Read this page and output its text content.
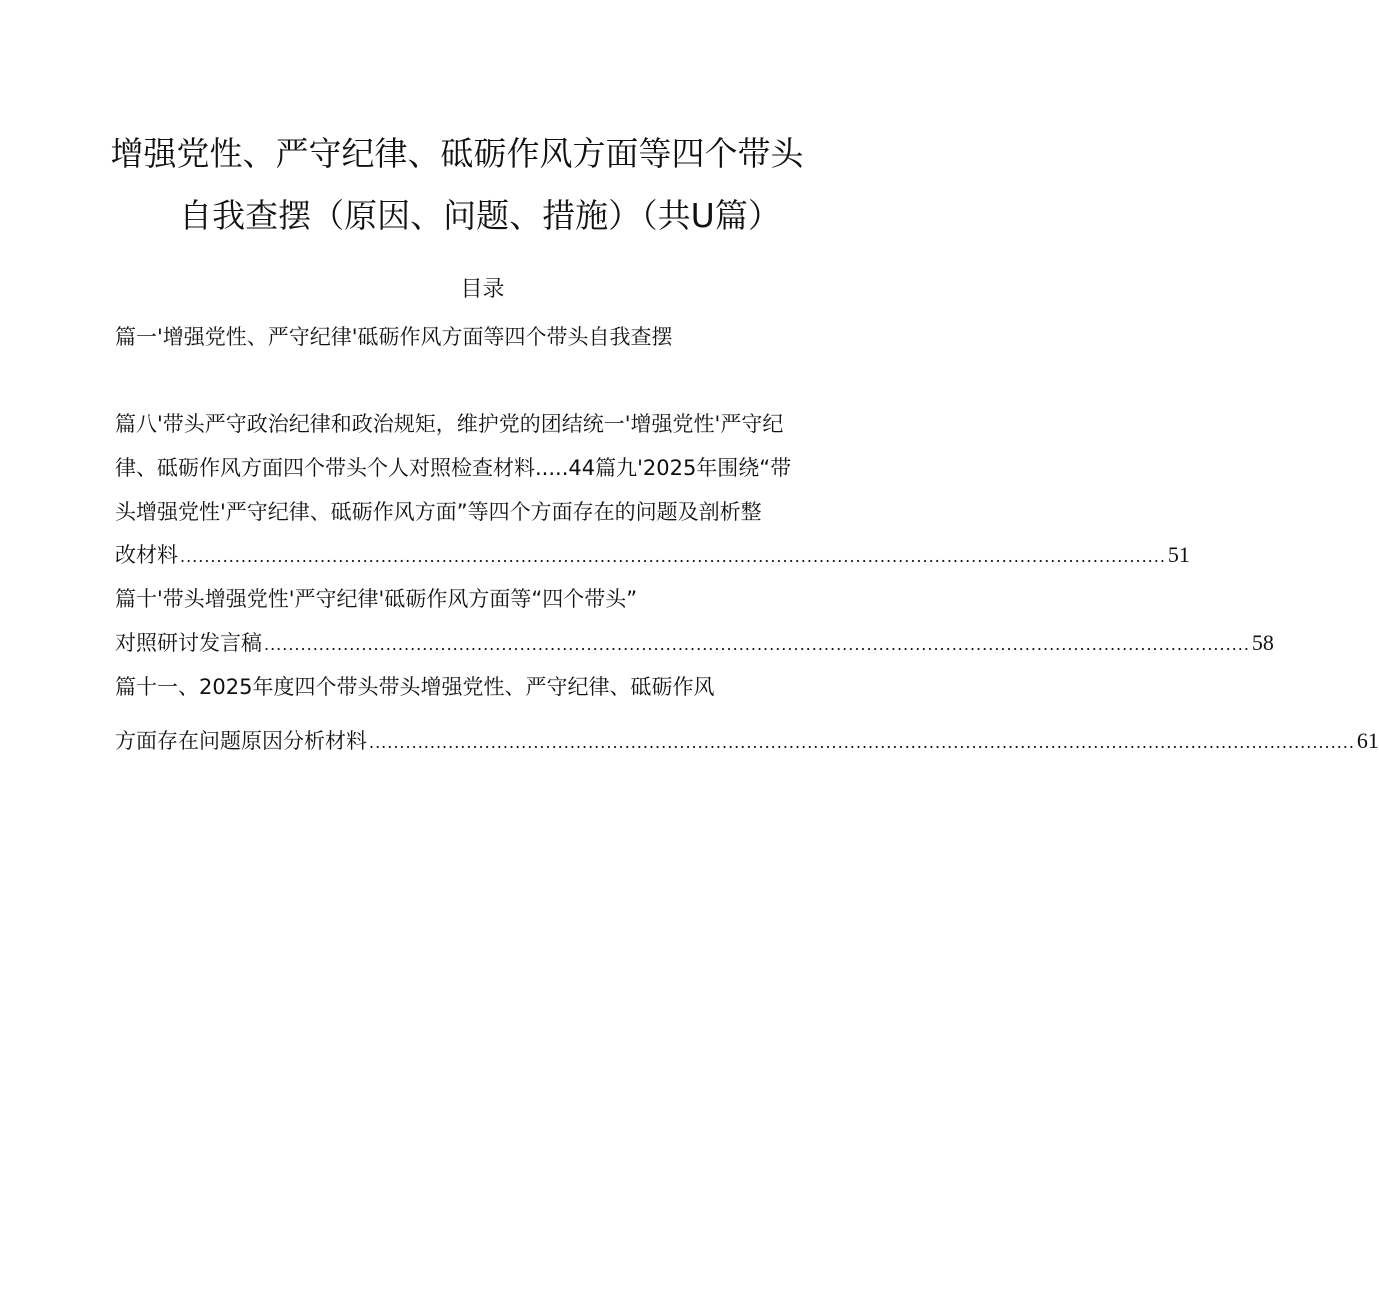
增强党性、严守纪律、砥砺作风方面等四个带头
自我查摆（原因、问题、措施）（共U篇）
目录
篇一'增强党性、严守纪律'砥砺作风方面等四个带头自我查摆
篇八'带头严守政治纪律和政治规矩，维护党的团结统一'增强党性'严守纪
律、砥砺作风方面四个带头个人对照检查材料.....44篇九'2025年围绕“带
头增强党性'严守纪律、砥砺作风方面”等四个方面存在的问题及剖析整
改材料 .................................................................................................................................................................. 51
篇十'带头增强党性'严守纪律'砥砺作风方面等“四个带头”
对照研讨发言稿 .................................................................................................................................................................. 58
篇十一、2025年度四个带头带头增强党性、严守纪律、砥砺作风
方面存在问题原因分析材料 .................................................................................................................................................................. 61
